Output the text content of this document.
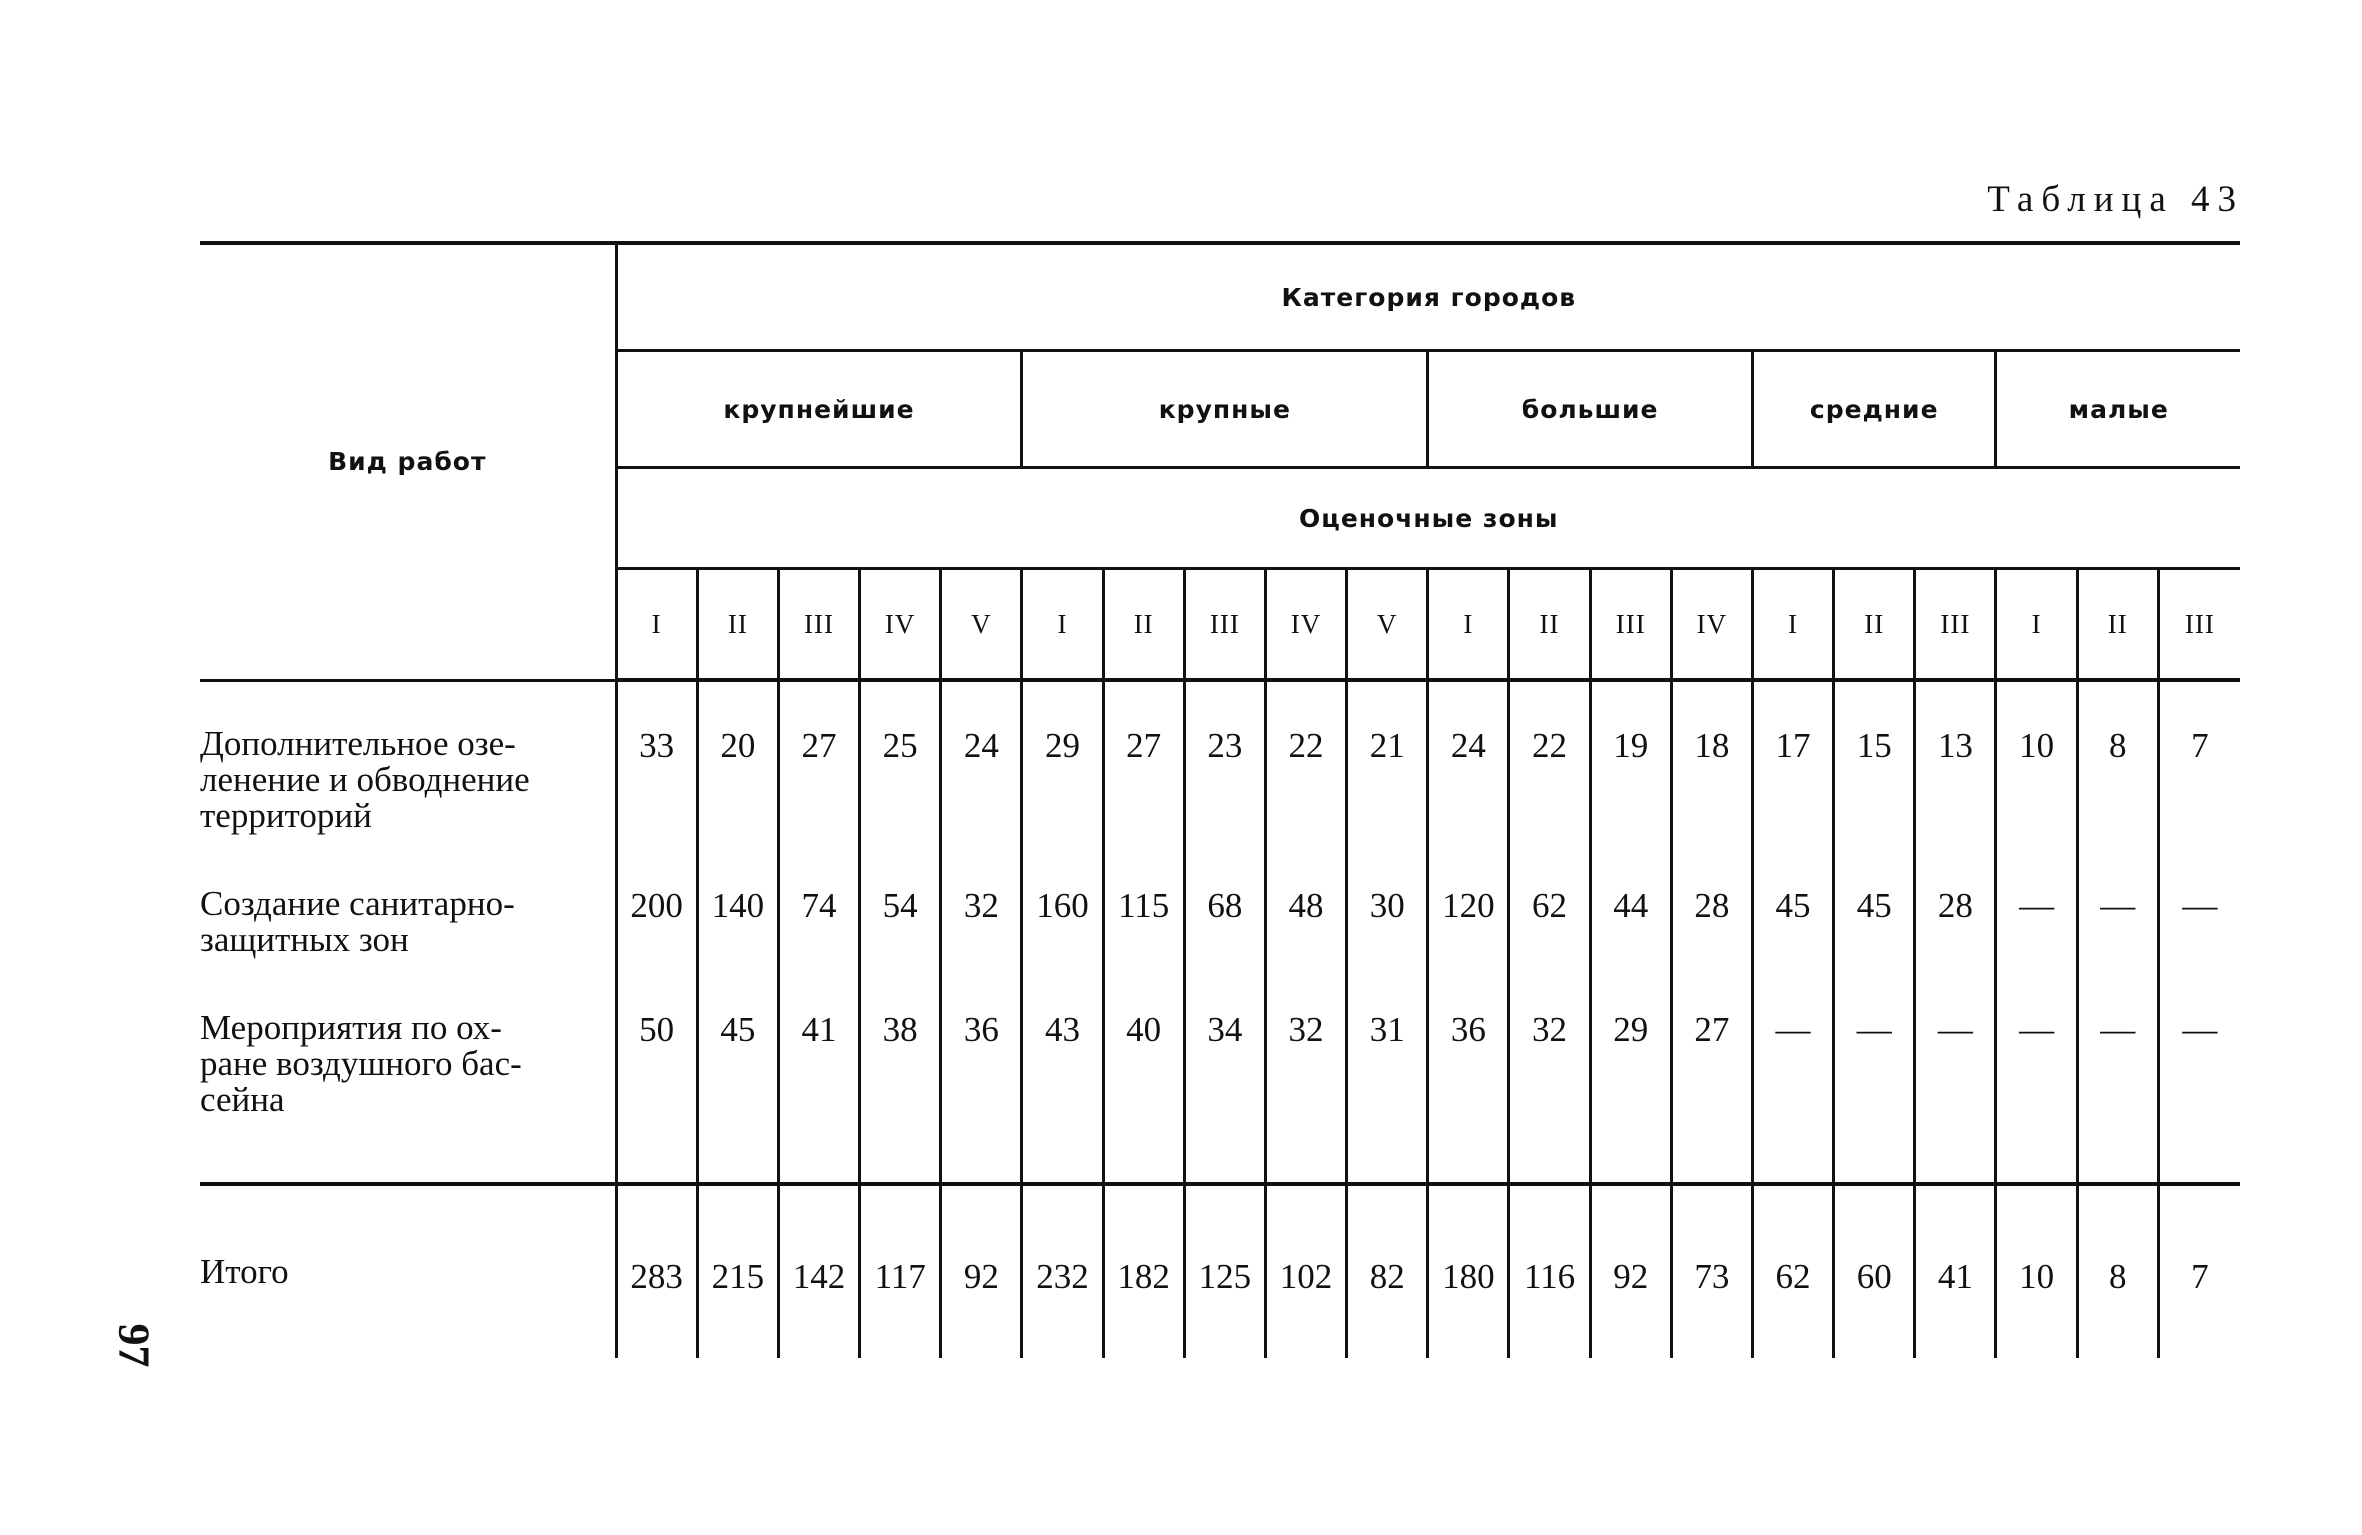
Таблица 43
97
Вид работ	Категория городов																			
	крупнейшие					крупные					большие				средние			малые		
	Оценочные зоны																			
	I	II	III	IV	V	I	II	III	IV	V	I	II	III	IV	I	II	III	I	II	III

Дополнительное озе-
ленение и обводнение
территорий	33	20	27	25	24	29	27	23	22	21	24	22	19	18	17	15	13	10	8	7

Создание санитарно-
защитных зон	200	140	74	54	32	160	115	68	48	30	120	62	44	28	45	45	28	—	—	—

Мероприятия по ох-
ране воздушного бас-
сейна	50	45	41	38	36	43	40	34	32	31	36	32	29	27	—	—	—	—	—	—
Итого	283	215	142	117	92	232	182	125	102	82	180	116	92	73	62	60	41	10	8	7
